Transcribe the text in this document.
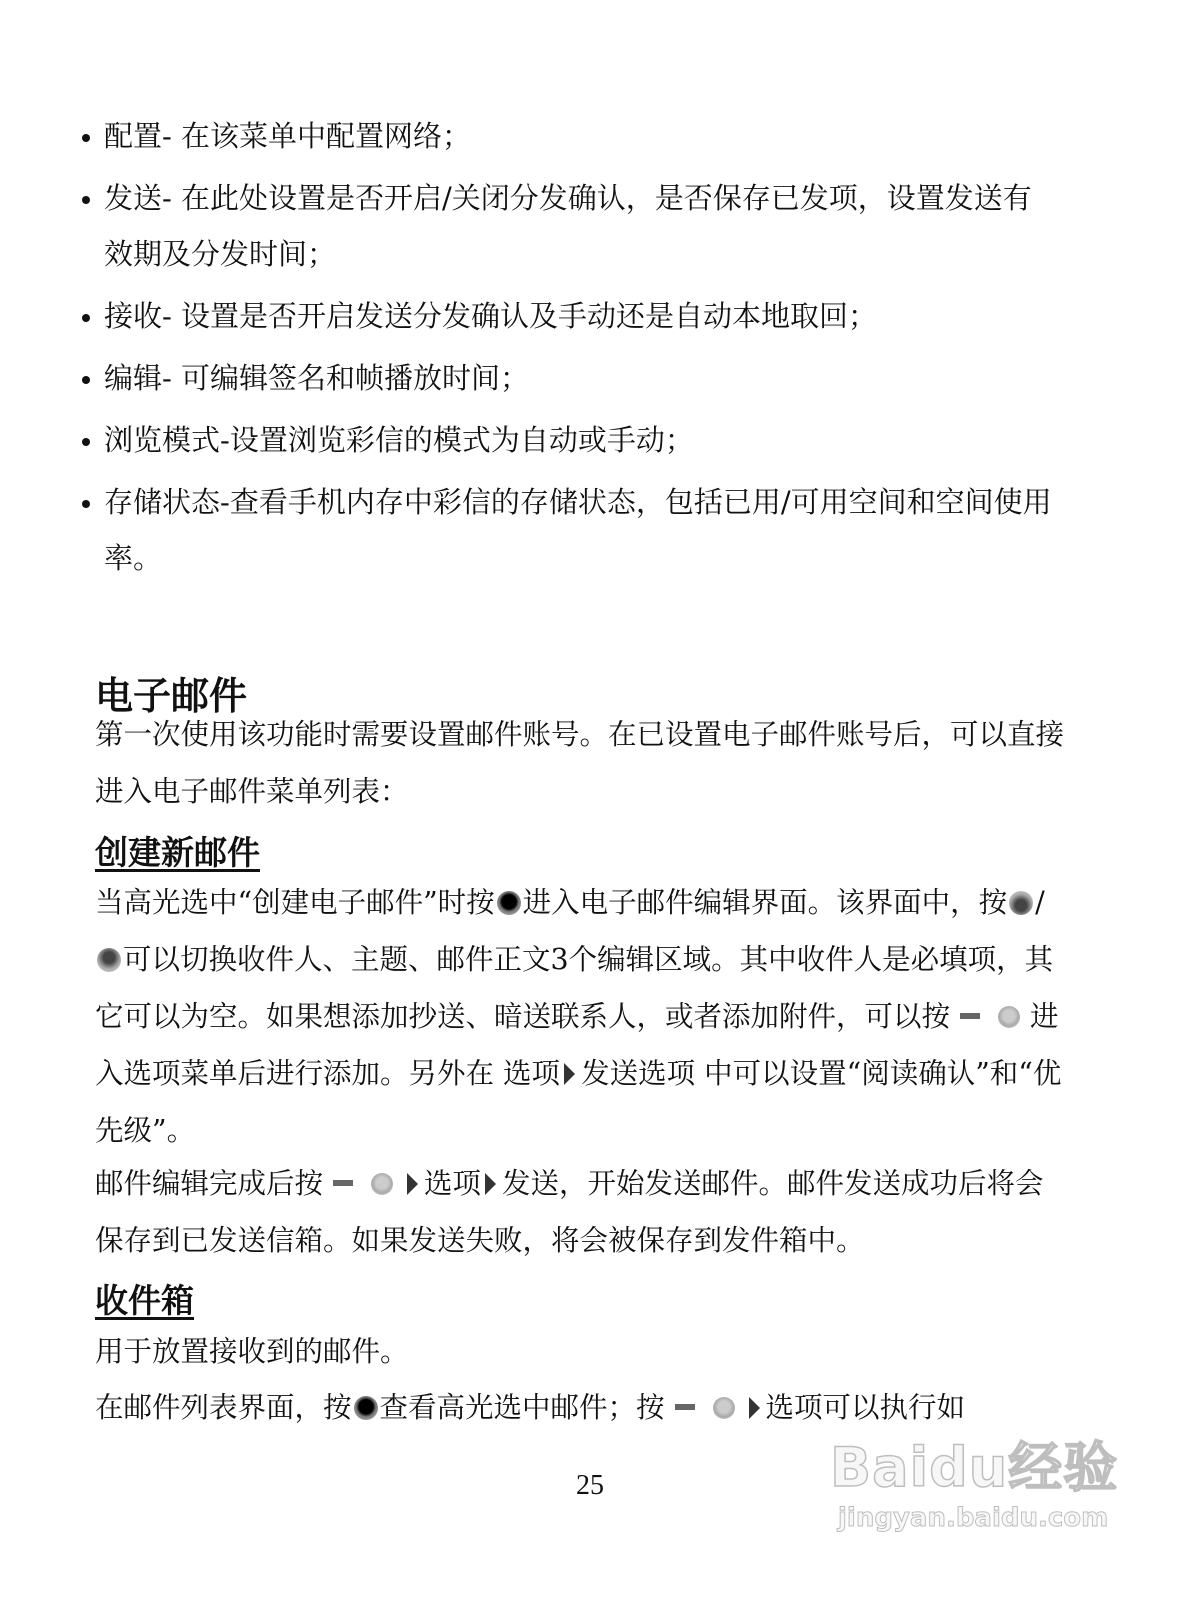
配置- 在该菜单中配置网络；
发送- 在此处设置是否开启/关闭分发确认，是否保存已发项，设置发送有效期及分发时间；
接收- 设置是否开启发送分发确认及手动还是自动本地取回；
编辑- 可编辑签名和帧播放时间；
浏览模式-设置浏览彩信的模式为自动或手动；
存储状态-查看手机内存中彩信的存储状态，包括已用/可用空间和空间使用率。
电子邮件

第一次使用该功能时需要设置邮件账号。在已设置电子邮件账号后，可以直接进入电子邮件菜单列表：

创建新邮件

当高光选中“创建电子邮件”时按 进入电子邮件编辑界面。该界面中，按 /可以切换收件人、主题、邮件正文3个编辑区域。其中收件人是必填项，其它可以为空。如果想添加抄送、暗送联系人，或者添加附件，可以按	进入选项菜单后进行添加。另外在 选项 发送选项 中可以设置“阅读确认”和“优先级”。

邮件编辑完成后按	选项 发送，开始发送邮件。邮件发送成功后将会保存到已发送信箱。如果发送失败，将会被保存到发件箱中。

收件箱

用于放置接收到的邮件。

在邮件列表界面，按 查看高光选中邮件；按	选项可以执行如

25	Baidu经验
jingyan.baidu.com
